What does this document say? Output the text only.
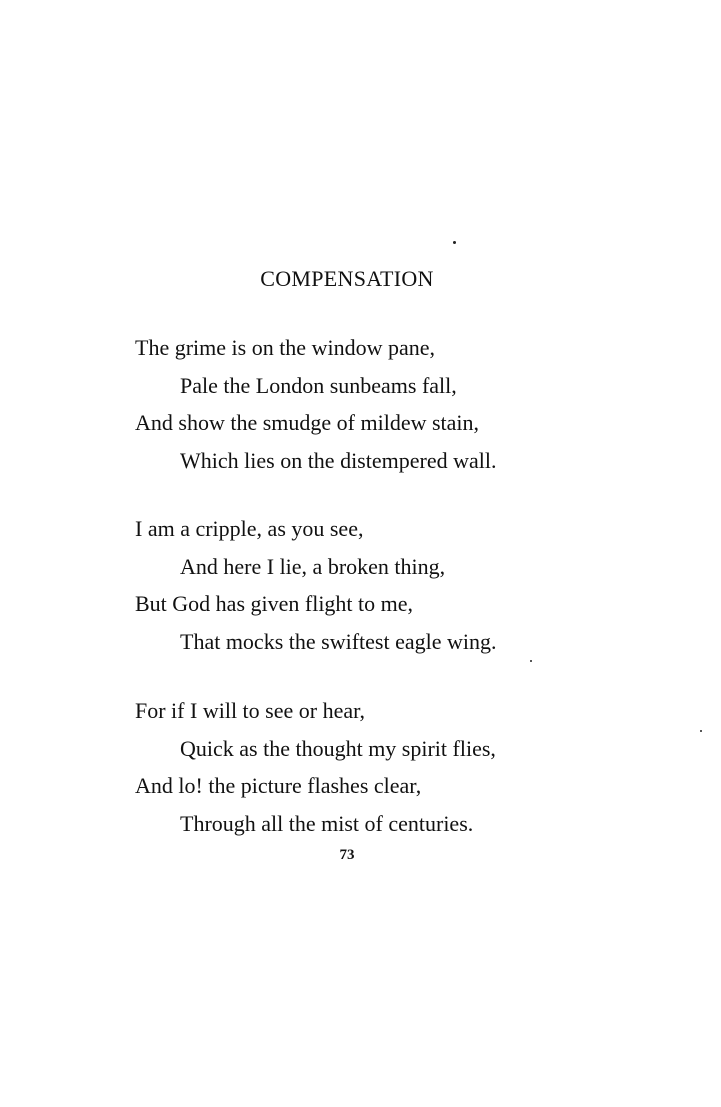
COMPENSATION
The grime is on the window pane,
Pale the London sunbeams fall,
And show the smudge of mildew stain,
Which lies on the distempered wall.
I am a cripple, as you see,
And here I lie, a broken thing,
But God has given flight to me,
That mocks the swiftest eagle wing.
For if I will to see or hear,
Quick as the thought my spirit flies,
And lo! the picture flashes clear,
Through all the mist of centuries.
73
